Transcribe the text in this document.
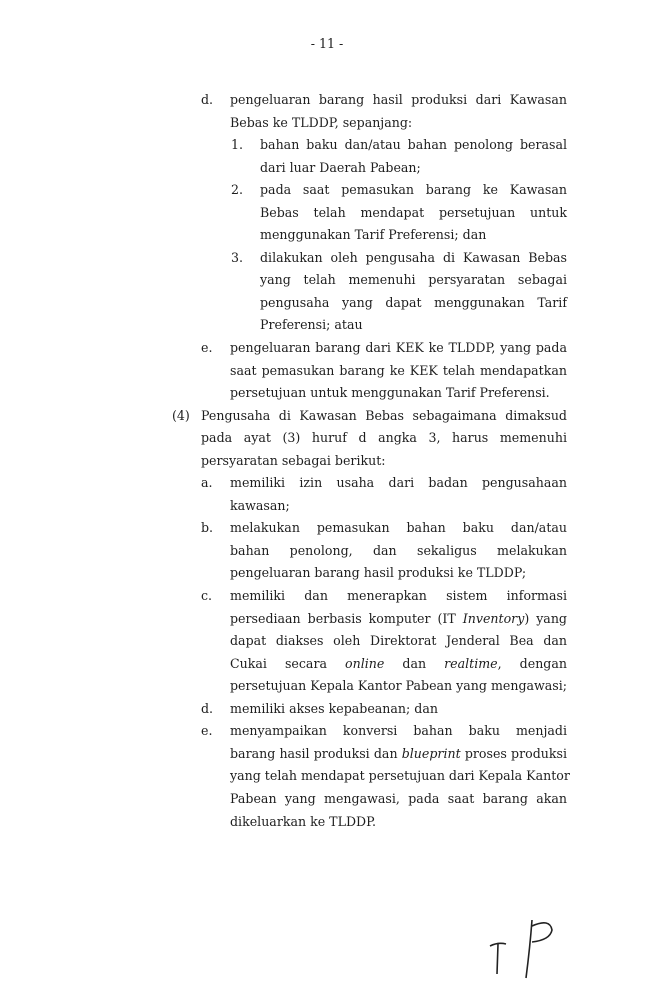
- 11 -
d. pengeluaran barang hasil produksi dari Kawasan
Bebas ke TLDDP, sepanjang:
1. bahan baku dan/atau bahan penolong berasal
dari luar Daerah Pabean;
2. pada saat pemasukan barang ke Kawasan
Bebas telah mendapat persetujuan untuk
menggunakan Tarif Preferensi; dan
3. dilakukan oleh pengusaha di Kawasan Bebas
yang telah memenuhi persyaratan sebagai
pengusaha yang dapat menggunakan Tarif
Preferensi; atau
e. pengeluaran barang dari KEK ke TLDDP, yang pada
saat pemasukan barang ke KEK telah mendapatkan
persetujuan untuk menggunakan Tarif Preferensi.
(4) Pengusaha di Kawasan Bebas sebagaimana dimaksud
pada ayat (3) huruf d angka 3, harus memenuhi
persyaratan sebagai berikut:
a. memiliki izin usaha dari badan pengusahaan
kawasan;
b. melakukan pemasukan bahan baku dan/atau
bahan penolong, dan sekaligus melakukan
pengeluaran barang hasil produksi ke TLDDP;
c. memiliki dan menerapkan sistem informasi
persediaan berbasis komputer (IT Inventory) yang
dapat diakses oleh Direktorat Jenderal Bea dan
Cukai secara online dan realtime, dengan
persetujuan Kepala Kantor Pabean yang mengawasi;
d. memiliki akses kepabeanan; dan
e. menyampaikan konversi bahan baku menjadi
barang hasil produksi dan blueprint proses produksi
yang telah mendapat persetujuan dari Kepala Kantor
Pabean yang mengawasi, pada saat barang akan
dikeluarkan ke TLDDP.
